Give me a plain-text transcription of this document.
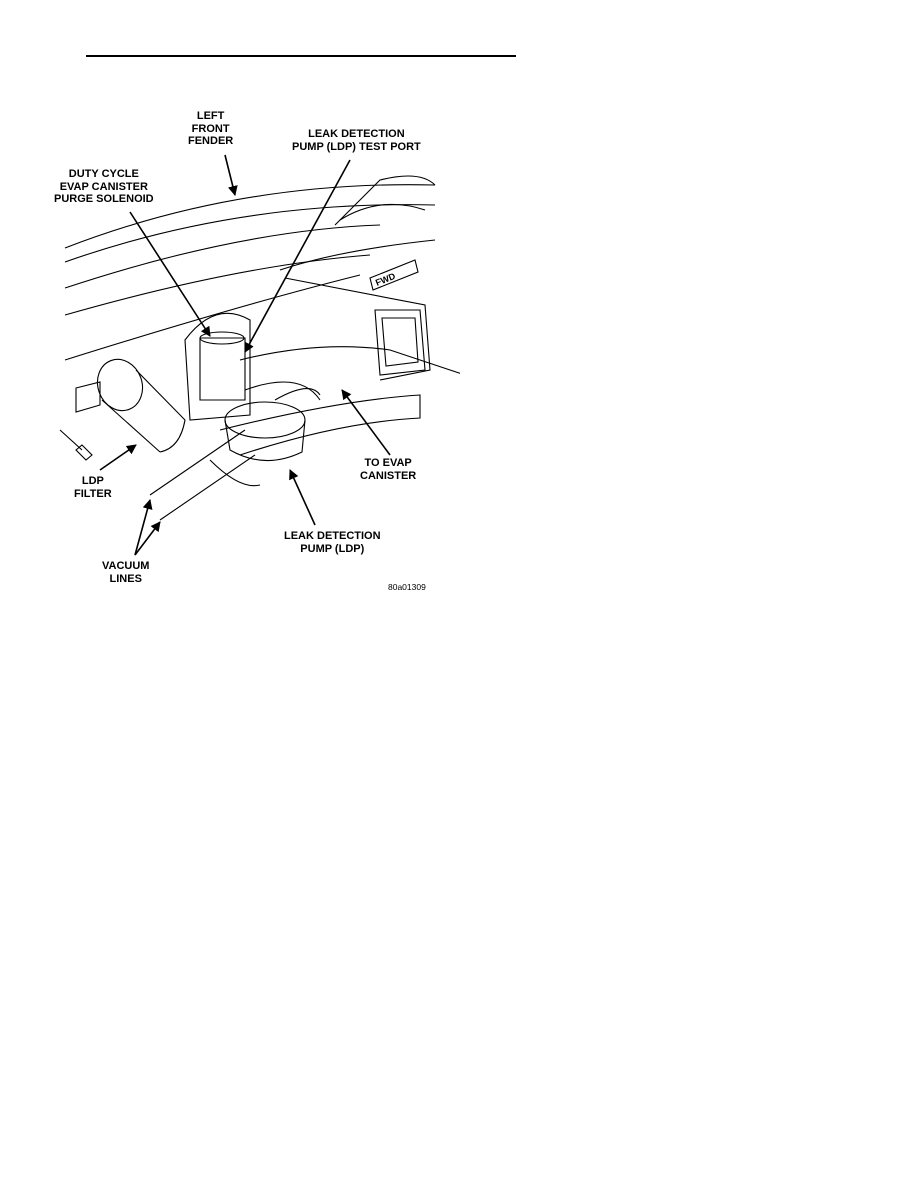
FWD
LEFT
FRONT
FENDER
LEAK DETECTION
PUMP (LDP) TEST PORT
DUTY CYCLE
EVAP CANISTER
PURGE SOLENOID
LDP
FILTER
TO EVAP
CANISTER
LEAK DETECTION
PUMP (LDP)
VACUUM
LINES
80a01309
